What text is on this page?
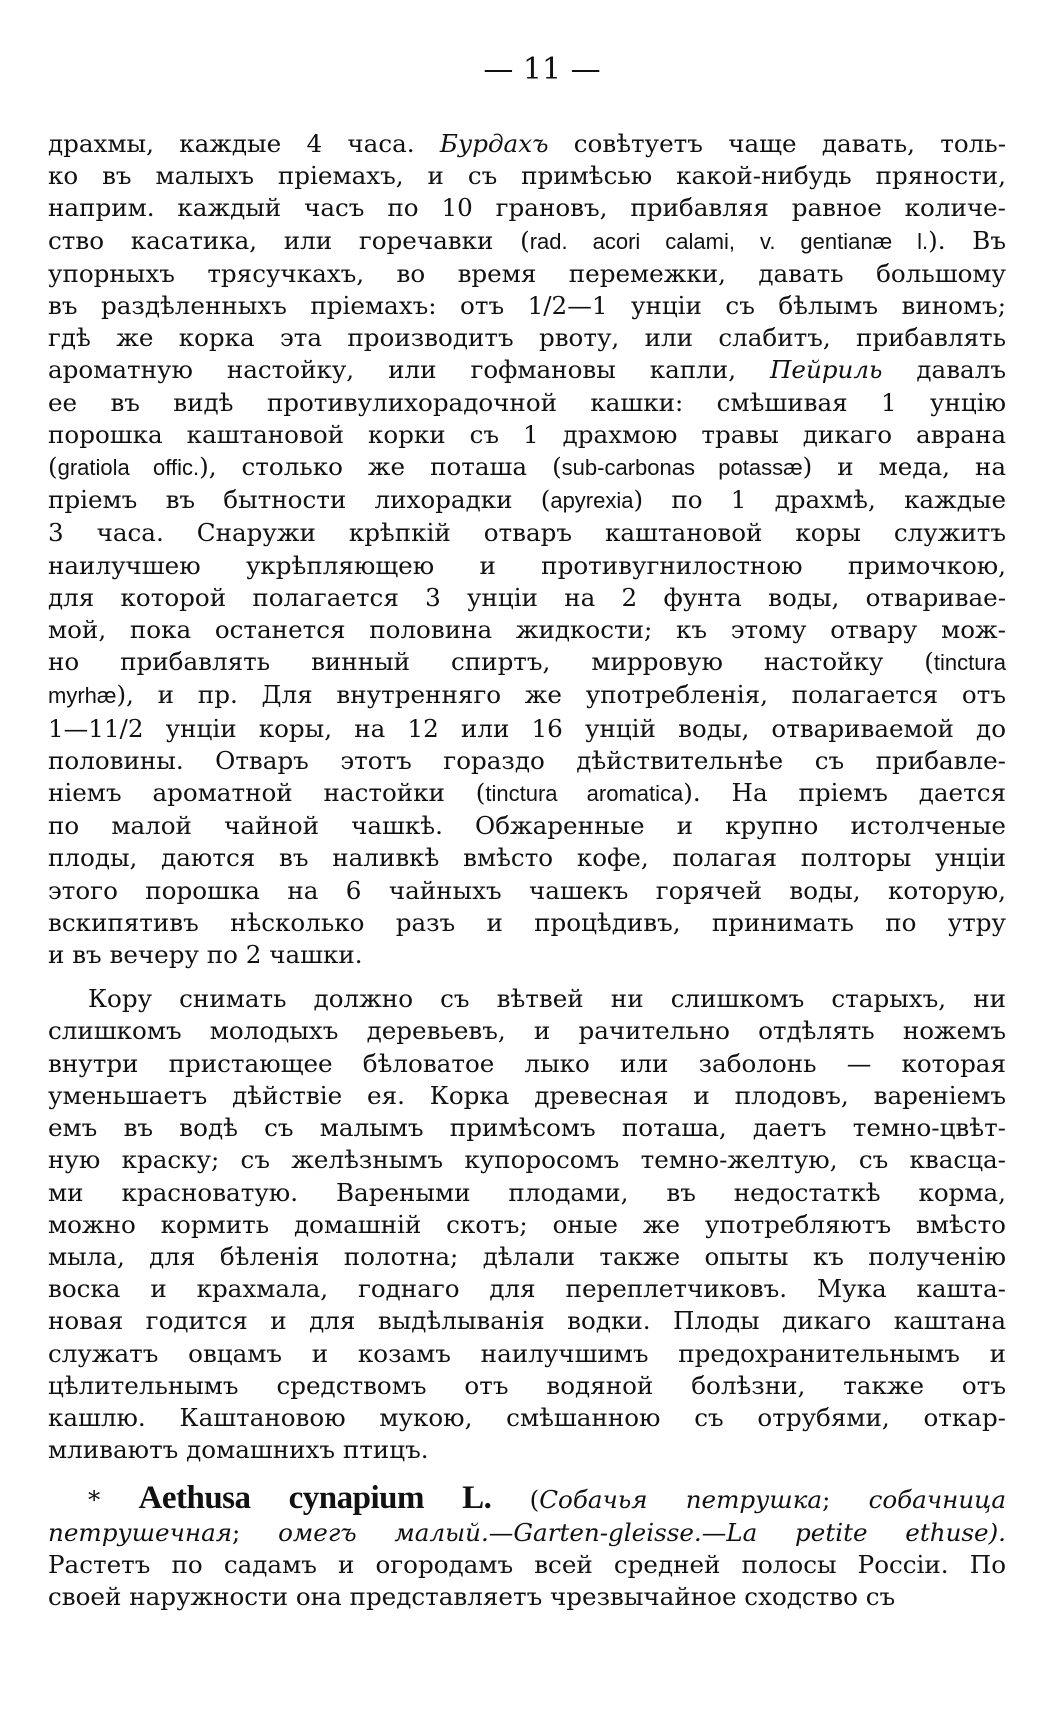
— 11 —
драхмы, каждые 4 часа. Бурдахъ совѣтуетъ чаще давать, толь-
ко въ малыхъ пріемахъ, и съ примѣсью какой-нибудь пряности,
наприм. каждый часъ по 10 грановъ, прибавляя равное количе-
ство касатика, или горечавки (rad. acori calami, v. gentianæ l.). Въ
упорныхъ трясучкахъ, во время перемежки, давать большому
въ раздѣленныхъ пріемахъ: отъ 1/2—1 унціи съ бѣлымъ виномъ;
гдѣ же корка эта производитъ рвоту, или слабитъ, прибавлять
ароматную настойку, или гофмановы капли, Пейриль давалъ
ее въ видѣ противулихорадочной кашки: смѣшивая 1 унцію
порошка каштановой корки съ 1 драхмою травы дикаго аврана
(gratiola offic.), столько же поташа (sub-carbonas potassæ) и меда, на
пріемъ въ бытности лихорадки (apyrexia) по 1 драхмѣ, каждые
3 часа. Снаружи крѣпкій отваръ каштановой коры служитъ
наилучшею укрѣпляющею и противугнилостною примочкою,
для которой полагается 3 унціи на 2 фунта воды, отваривае-
мой, пока останется половина жидкости; къ этому отвару мож-
но прибавлять винный спиртъ, мирровую настойку (tinctura
myrhæ), и пр. Для внутренняго же употребленія, полагается отъ
1—11/2 унціи коры, на 12 или 16 унцій воды, отвариваемой до
половины. Отваръ этотъ гораздо дѣйствительнѣе съ прибавле-
ніемъ ароматной настойки (tinctura aromatica). На пріемъ дается
по малой чайной чашкѣ. Обжаренные и крупно истолченые
плоды, даются въ наливкѣ вмѣсто кофе, полагая полторы унціи
этого порошка на 6 чайныхъ чашекъ горячей воды, которую,
вскипятивъ нѣсколько разъ и процѣдивъ, принимать по утру
и въ вечеру по 2 чашки.
Кору снимать должно съ вѣтвей ни слишкомъ старыхъ, ни
слишкомъ молодыхъ деревьевъ, и рачительно отдѣлять ножемъ
внутри пристающее бѣловатое лыко или заболонь — которая
уменьшаетъ дѣйствіе ея. Корка древесная и плодовъ, вареніемъ
емъ въ водѣ съ малымъ примѣсомъ поташа, даетъ темно-цвѣт-
ную краску; съ желѣзнымъ купоросомъ темно-желтую, съ квасца-
ми красноватую. Вареными плодами, въ недостаткѣ корма,
можно кормить домашній скотъ; оные же употребляютъ вмѣсто
мыла, для бѣленія полотна; дѣлали также опыты къ полученію
воска и крахмала, годнаго для переплетчиковъ. Мука кашта-
новая годится и для выдѣлыванія водки. Плоды дикаго каштана
служатъ овцамъ и козамъ наилучшимъ предохранительнымъ и
цѣлительнымъ средствомъ отъ водяной болѣзни, также отъ
кашлю. Каштановою мукою, смѣшанною съ отрубями, откар-
мливаютъ домашнихъ птицъ.
* Aethusa cynapium L. (Собачья петрушка; собачница
петрушечная; омегъ малый.—Garten-gleisse.—La petite ethuse).
Растетъ по садамъ и огородамъ всей средней полосы Россіи. По
своей наружности она представляетъ чрезвычайное сходство съ
